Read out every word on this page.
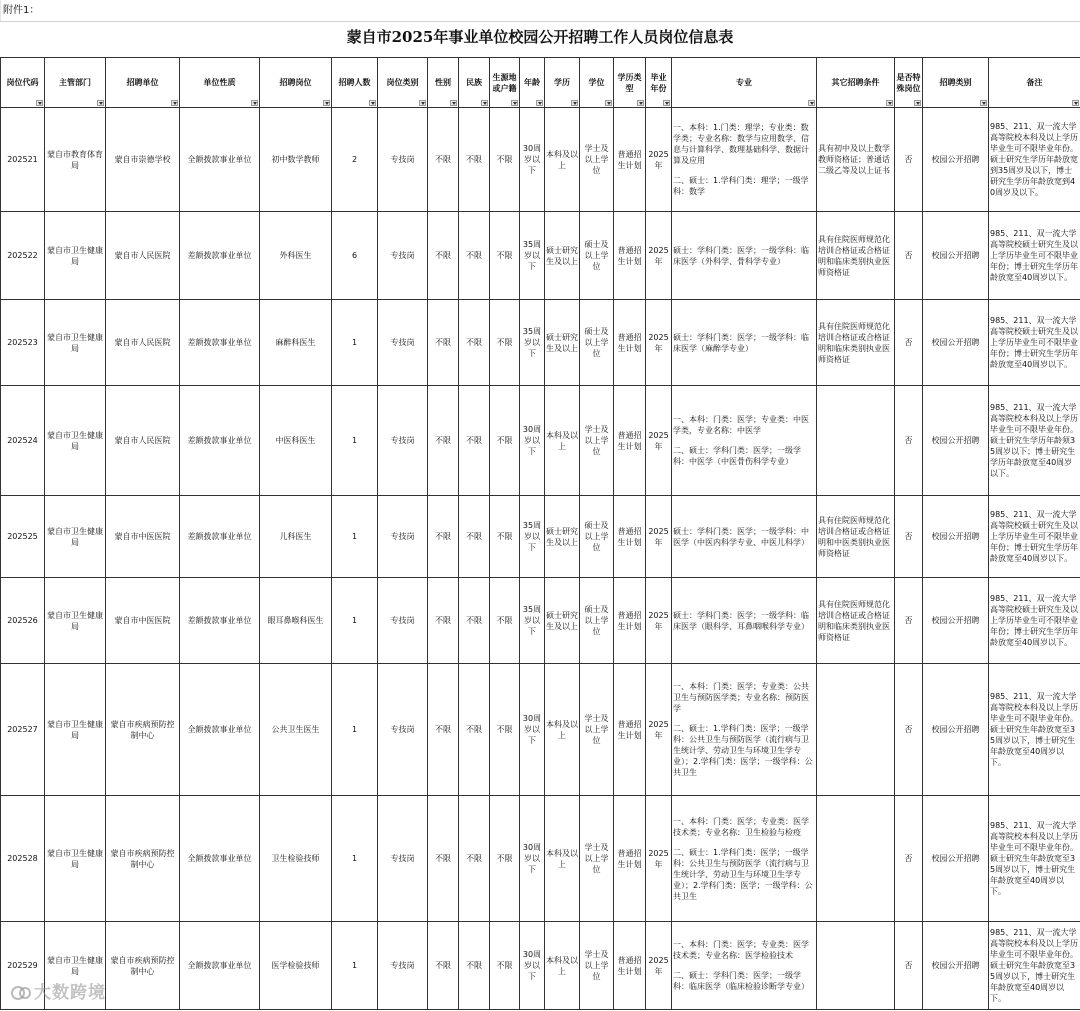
附件1：
蒙自市2025年事业单位校园公开招聘工作人员岗位信息表
岗位代码	主管部门	招聘单位	单位性质	招聘岗位	招聘人数	岗位类别	性别	民族	生源地或户籍	年龄	学历	学位	学历类型	毕业年份	专业	其它招聘条件	是否特殊岗位	招聘类别	备注

202521	蒙自市教育体育局	蒙自市崇德学校	全额拨款事业单位	初中数学教师	2	专技岗	不限	不限	不限	30周岁以下	本科及以上	学士及以上学位	普通招生计划	2025年	一、本科：1.门类：理学；专业类：数学类；专业名称：数学与应用数学、信息与计算科学、数理基础科学、数据计算及应用
二、硕士：1.学科门类：理学；一级学科：数学	具有初中及以上数学教师资格证；普通话二级乙等及以上证书	否	校园公开招聘	985、211、双一流大学高等院校本科及以上学历毕业生可不限毕业年份。硕士研究生学历年龄放宽到35周岁及以下，博士研究生学历年龄放宽到40周岁及以下。
202522	蒙自市卫生健康局	蒙自市人民医院	差额拨款事业单位	外科医生	6	专技岗	不限	不限	不限	35周岁以下	硕士研究生及以上	硕士及以上学位	普通招生计划	2025年	硕士：学科门类：医学；一级学科：临床医学（外科学、骨科学专业）	具有住院医师规范化培训合格证或合格证明和临床类别执业医师资格证	否	校园公开招聘	985、211、双一流大学高等院校硕士研究生及以上学历毕业生可不限毕业年份；博士研究生学历年龄放宽至40周岁以下。
202523	蒙自市卫生健康局	蒙自市人民医院	差额拨款事业单位	麻醉科医生	1	专技岗	不限	不限	不限	35周岁以下	硕士研究生及以上	硕士及以上学位	普通招生计划	2025年	硕士：学科门类：医学；一级学科：临床医学（麻醉学专业）	具有住院医师规范化培训合格证或合格证明和临床类别执业医师资格证	否	校园公开招聘	985、211、双一流大学高等院校硕士研究生及以上学历毕业生可不限毕业年份；博士研究生学历年龄放宽至40周岁以下。
202524	蒙自市卫生健康局	蒙自市人民医院	差额拨款事业单位	中医科医生	1	专技岗	不限	不限	不限	30周岁以下	本科及以上	学士及以上学位	普通招生计划	2025年	一、本科：门类：医学；专业类：中医学类，专业名称：中医学
二、硕士：学科门类：医学；一级学科：中医学（中医骨伤科学专业）		否	校园公开招聘	985、211、双一流大学高等院校本科及以上学历毕业生可不限毕业年份。硕士研究生学历年龄须35周岁以下；博士研究生学历年龄放宽至40周岁以下。
202525	蒙自市卫生健康局	蒙自市中医医院	差额拨款事业单位	儿科医生	1	专技岗	不限	不限	不限	35周岁以下	硕士研究生及以上	硕士及以上学位	普通招生计划	2025年	硕士：学科门类：医学；一级学科：中医学（中医内科学专业、中医儿科学）	具有住院医师规范化培训合格证或合格证明和中医类别执业医师资格证	否	校园公开招聘	985、211、双一流大学高等院校硕士研究生及以上学历毕业生可不限毕业年份；博士研究生学历年龄放宽至40周岁以下。
202526	蒙自市卫生健康局	蒙自市中医医院	差额拨款事业单位	眼耳鼻喉科医生	1	专技岗	不限	不限	不限	35周岁以下	硕士研究生及以上	硕士及以上学位	普通招生计划	2025年	硕士：学科门类：医学；一级学科：临床医学（眼科学、耳鼻咽喉科学专业）	具有住院医师规范化培训合格证或合格证明和临床类别执业医师资格证	否	校园公开招聘	985、211、双一流大学高等院校硕士研究生及以上学历毕业生可不限毕业年份；博士研究生学历年龄放宽至40周岁以下。
202527	蒙自市卫生健康局	蒙自市疾病预防控制中心	全额拨款事业单位	公共卫生医生	1	专技岗	不限	不限	不限	30周岁以下	本科及以上	学士及以上学位	普通招生计划	2025年	一、本科：门类：医学；专业类：公共卫生与预防医学类；专业名称：预防医学
二、硕士：1.学科门类：医学；一级学科：公共卫生与预防医学（流行病与卫生统计学、劳动卫生与环境卫生学专业）；2.学科门类：医学；一级学科：公共卫生		否	校园公开招聘	985、211、双一流大学高等院校本科及以上学历毕业生可不限毕业年份。硕士研究生年龄放宽至35周岁以下，博士研究生年龄放宽至40周岁以下。
202528	蒙自市卫生健康局	蒙自市疾病预防控制中心	全额拨款事业单位	卫生检验技师	1	专技岗	不限	不限	不限	30周岁以下	本科及以上	学士及以上学位	普通招生计划	2025年	一、本科：门类：医学；专业类：医学技术类；专业名称：卫生检验与检疫
二、硕士：1.学科门类：医学；一级学科：公共卫生与预防医学（流行病与卫生统计学、劳动卫生与环境卫生学专业）；2.学科门类：医学；一级学科：公共卫生		否	校园公开招聘	985、211、双一流大学高等院校本科及以上学历毕业生可不限毕业年份。硕士研究生年龄放宽至35周岁以下，博士研究生年龄放宽至40周岁以下。
202529	蒙自市卫生健康局	蒙自市疾病预防控制中心	全额拨款事业单位	医学检验技师	1	专技岗	不限	不限	不限	30周岁以下	本科及以上	学士及以上学位	普通招生计划	2025年	一、本科：门类：医学；专业类：医学技术类；专业名称：医学检验技术
二、硕士：学科门类：医学；一级学科：临床医学（临床检验诊断学专业）		否	校园公开招聘	985、211、双一流大学高等院校本科及以上学历毕业生可不限毕业年份。硕士研究生年龄放宽至35周岁以下，博士研究生年龄放宽至40周岁以下。
大数跨境
